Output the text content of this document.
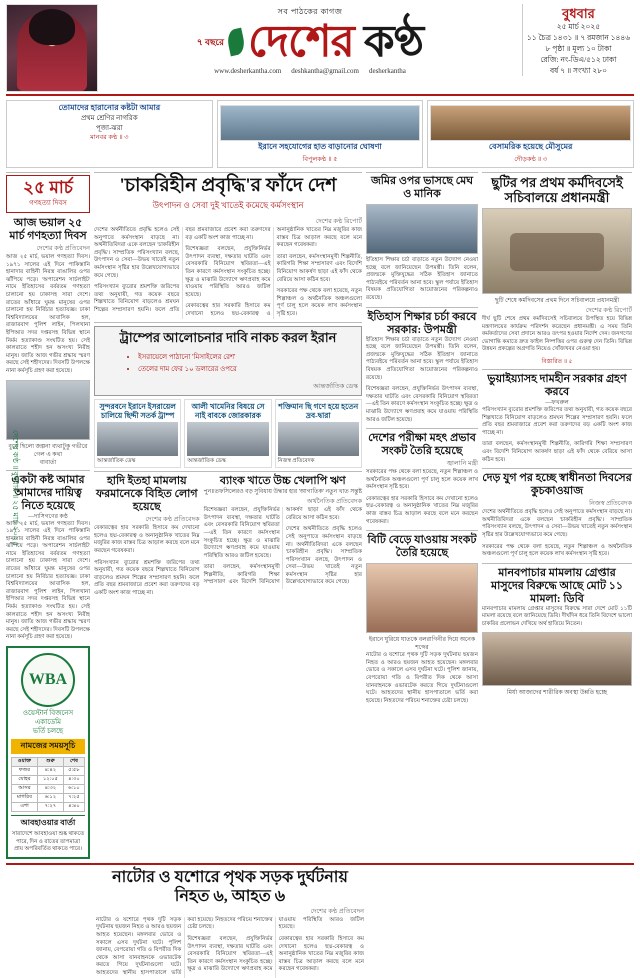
সব পাঠকের কাগজ
৭ বছরে দেশের কণ্ঠ
www.desherkantha.com deshkantha@gmail.com desherkantha
বুধবার
২৫ মার্চ ২০২৫
১১ চৈত্র ১৪৩১ ॥ ৭ রমজান ১৪৪৬
৮ পৃষ্ঠা ॥ মূল্য ১০ টাকা
রেজি: নং-ডিএ/৫১২ ঢাকা
বর্ষ ৭ ॥ সংখ্যা ২৮০
তোমাদের হারানোর কষ্টটা আমার
প্রথম শ্রেণির নাগরিক
পূজা-ঝরা
মানবর কণ্ঠ ॥ ৩
ইরানে সহযোগের হাত বাড়ানোর ঘোষণা
বিপুলকণ্ঠ ॥ ৫
বেসামরিক হয়েছে মৌসুমের
দৌড়কণ্ঠ ॥ ৩
২৫ মার্চ
গণহত্যা দিবস
আজ ভয়াল ২৫ মার্চ গণহত্যা দিবস
দেশের কণ্ঠ প্রতিবেদন

আজ ২৫ মার্চ, ভয়াল গণহত্যা দিবস। ১৯৭১ সালের এই দিনে পাকিস্তানি হানাদার বাহিনী নিরস্ত্র বাঙালির ওপর ঝাঁপিয়ে পড়ে। 'অপারেশন সার্চলাইট' নামে ইতিহাসের বর্বরতম গণহত্যা চালানো হয় ঢাকাসহ সারা দেশে। রাতের আঁধারে ঘুমন্ত মানুষের ওপর চালানো হয় নির্বিচার হত্যাযজ্ঞ। ঢাকা বিশ্ববিদ্যালয়ের আবাসিক হল, রাজারবাগ পুলিশ লাইন, পিলখানা ইপিআর সদর দপ্তরসহ বিভিন্ন স্থানে নির্মম হত্যাকাণ্ড সংঘটিত হয়। সেই কালরাতে শহীদ হন অসংখ্য নিরীহ মানুষ। জাতি আজ গভীর শ্রদ্ধায় স্মরণ করছে সেই শহীদদের। দিবসটি উপলক্ষে নানা কর্মসূচি গ্রহণ করা হয়েছে।

বুকে ছিলো জল্পনা ব্যথাটুকু গভীরে গেল এ কথা
বাবার্তা
একটা কষ্ট আমার আমাদের দায়িত্ব নিতে হয়েছে
—দাসিগণের কণ্ঠ

আজ ২৫ মার্চ, ভয়াল গণহত্যা দিবস। ১৯৭১ সালের এই দিনে পাকিস্তানি হানাদার বাহিনী নিরস্ত্র বাঙালির ওপর ঝাঁপিয়ে পড়ে। 'অপারেশন সার্চলাইট' নামে ইতিহাসের বর্বরতম গণহত্যা চালানো হয় ঢাকাসহ সারা দেশে। রাতের আঁধারে ঘুমন্ত মানুষের ওপর চালানো হয় নির্বিচার হত্যাযজ্ঞ। ঢাকা বিশ্ববিদ্যালয়ের আবাসিক হল, রাজারবাগ পুলিশ লাইন, পিলখানা ইপিআর সদর দপ্তরসহ বিভিন্ন স্থানে নির্মম হত্যাকাণ্ড সংঘটিত হয়। সেই কালরাতে শহীদ হন অসংখ্য নিরীহ মানুষ। জাতি আজ গভীর শ্রদ্ধায় স্মরণ করছে সেই শহীদদের। দিবসটি উপলক্ষে নানা কর্মসূচি গ্রহণ করা হয়েছে।

WBA
ওয়েস্টার্ন বিজনেস একাডেমি
ভর্তি চলছে
নামজের সময়সূচি
ওয়াক্ত	শুরু	শেষ
ফজর	৪:৪২	৫:৫৮
যোহর	১২:০৫	৪:৩০
আসর	৪:৩২	৬:১০
মাগরিব	৬:১২	৭:২৫
এশা	৭:২৭	৪:৪০
আবহাওয়ার বার্তা
সারাদেশে আবহাওয়া শুষ্ক থাকতে পারে, দিন ও রাতের তাপমাত্রা প্রায় অপরিবর্তিত থাকতে পারে।
'চাকরিহীন প্রবৃদ্ধি'র ফাঁদে দেশ
উৎপাদন ও সেবা দুই খাতেই কমেছে কর্মসংস্থান
দেশের কণ্ঠ রিপোর্ট

দেশের অর্থনীতিতে প্রবৃদ্ধি হলেও সেই অনুপাতে কর্মসংস্থান বাড়ছে না। অর্থনীতিবিদরা একে বলছেন 'চাকরিহীন প্রবৃদ্ধি'। সাম্প্রতিক পরিসংখ্যান বলছে, উৎপাদন ও সেবা—উভয় খাতেই নতুন কর্মসংস্থান সৃষ্টির হার উল্লেখযোগ্যভাবে কমে গেছে।

পরিসংখ্যান ব্যুরোর শ্রমশক্তি জরিপের তথ্য অনুযায়ী, গত কয়েক বছরে শিল্পখাতে বিনিয়োগ বাড়লেও শ্রমঘন শিল্পের সম্প্রসারণ হয়নি। ফলে প্রতি বছর শ্রমবাজারে প্রবেশ করা তরুণদের বড় একটি অংশ কাজ পাচ্ছে না।

বিশেষজ্ঞরা বলছেন, প্রযুক্তিনির্ভর উৎপাদন ব্যবস্থা, দক্ষতার ঘাটতি এবং বেসরকারি বিনিয়োগ স্থবিরতা—এই তিন কারণে কর্মসংস্থান সংকুচিত হচ্ছে। ক্ষুদ্র ও মাঝারি উদ্যোগে ঋণপ্রবাহ কমে যাওয়ায় পরিস্থিতি আরও জটিল হয়েছে।

বেকারত্বের হার সরকারি হিসাবে কম দেখানো হলেও ছদ্ম-বেকারত্ব ও অনানুষ্ঠানিক খাতের নিম্ন মজুরির কাজ বাস্তব চিত্র আড়াল করছে বলে মনে করছেন গবেষকরা।

তারা বলছেন, কর্মসংস্থানমুখী শিল্পনীতি, কারিগরি শিক্ষা সম্প্রসারণ এবং বিদেশি বিনিয়োগ আকর্ষণ ছাড়া এই ফাঁদ থেকে বেরিয়ে আসা কঠিন হবে।

সরকারের পক্ষ থেকে বলা হয়েছে, নতুন শিল্পাঞ্চল ও অর্থনৈতিক অঞ্চলগুলো পূর্ণ চালু হলে কয়েক লাখ কর্মসংস্থান সৃষ্টি হবে।

ট্রাম্পের আলোচনার দাবি নাকচ করল ইরান
• ইসরায়েলে পাঠানো 'মিসাইলের রেশ'
• তেলের দাম ফের ১০ ডলারের ওপরে
আন্তর্জাতিক ডেস্ক
সুন্দরবনে ইরানে ইসরায়েল চালিয়ে ছিদ্দী সতর্ক ট্রাম্প
আন্তর্জাতিক ডেস্ক
আলী খামেনির বিষয়ে সে নাই বাবকে জোরকারক
আন্তর্জাতিক ডেস্ক
শক্তিমান ছি গণে হয়ে হতেন দ্রব-দ্বারা
নিজস্ব প্রতিবেদক
হাদি ইতহা মামলায় ফরমানেকে বিহিত লোগ হয়েছে
দেশের কণ্ঠ প্রতিবেদক

বেকারত্বের হার সরকারি হিসাবে কম দেখানো হলেও ছদ্ম-বেকারত্ব ও অনানুষ্ঠানিক খাতের নিম্ন মজুরির কাজ বাস্তব চিত্র আড়াল করছে বলে মনে করছেন গবেষকরা।

পরিসংখ্যান ব্যুরোর শ্রমশক্তি জরিপের তথ্য অনুযায়ী, গত কয়েক বছরে শিল্পখাতে বিনিয়োগ বাড়লেও শ্রমঘন শিল্পের সম্প্রসারণ হয়নি। ফলে প্রতি বছর শ্রমবাজারে প্রবেশ করা তরুণদের বড় একটি অংশ কাজ পাচ্ছে না।

ব্যাংক খাতে উচ্চ খেলাপি ঋণ
পুনঃতফসিলেরও বড় সুবিধায় উদ্ধার হার 'আগাতিক' নতুন খাত সন্তুষ্ট
অর্থনৈতিক প্রতিবেদক

বিশেষজ্ঞরা বলছেন, প্রযুক্তিনির্ভর উৎপাদন ব্যবস্থা, দক্ষতার ঘাটতি এবং বেসরকারি বিনিয়োগ স্থবিরতা—এই তিন কারণে কর্মসংস্থান সংকুচিত হচ্ছে। ক্ষুদ্র ও মাঝারি উদ্যোগে ঋণপ্রবাহ কমে যাওয়ায় পরিস্থিতি আরও জটিল হয়েছে।

তারা বলছেন, কর্মসংস্থানমুখী শিল্পনীতি, কারিগরি শিক্ষা সম্প্রসারণ এবং বিদেশি বিনিয়োগ আকর্ষণ ছাড়া এই ফাঁদ থেকে বেরিয়ে আসা কঠিন হবে।

দেশের অর্থনীতিতে প্রবৃদ্ধি হলেও সেই অনুপাতে কর্মসংস্থান বাড়ছে না। অর্থনীতিবিদরা একে বলছেন 'চাকরিহীন প্রবৃদ্ধি'। সাম্প্রতিক পরিসংখ্যান বলছে, উৎপাদন ও সেবা—উভয় খাতেই নতুন কর্মসংস্থান সৃষ্টির হার উল্লেখযোগ্যভাবে কমে গেছে।

জমির ওপর ভাসছে মেঘ ও মানিক

ইতিহাস শিক্ষার চর্চা বাড়াতে নতুন উদ্যোগ নেওয়া হচ্ছে বলে জানিয়েছেন উপমন্ত্রী। তিনি বলেন, প্রজন্মকে মুক্তিযুদ্ধের সঠিক ইতিহাস জানাতে পাঠ্যবইয়ে পরিবর্তন আনা হবে। স্কুল পর্যায়ে ইতিহাস বিষয়ক প্রতিযোগিতা আয়োজনের পরিকল্পনাও রয়েছে।

ইতিহাস শিক্ষার চর্চা করবে সরকার: উপমন্ত্রী

ইতিহাস শিক্ষার চর্চা বাড়াতে নতুন উদ্যোগ নেওয়া হচ্ছে বলে জানিয়েছেন উপমন্ত্রী। তিনি বলেন, প্রজন্মকে মুক্তিযুদ্ধের সঠিক ইতিহাস জানাতে পাঠ্যবইয়ে পরিবর্তন আনা হবে। স্কুল পর্যায়ে ইতিহাস বিষয়ক প্রতিযোগিতা আয়োজনের পরিকল্পনাও রয়েছে।

বিশেষজ্ঞরা বলছেন, প্রযুক্তিনির্ভর উৎপাদন ব্যবস্থা, দক্ষতার ঘাটতি এবং বেসরকারি বিনিয়োগ স্থবিরতা—এই তিন কারণে কর্মসংস্থান সংকুচিত হচ্ছে। ক্ষুদ্র ও মাঝারি উদ্যোগে ঋণপ্রবাহ কমে যাওয়ায় পরিস্থিতি আরও জটিল হয়েছে।

দেশের পরীক্ষা মহৎ প্রভাব সংকট তৈরি হয়েছে
জ্বালানি মন্ত্রী

সরকারের পক্ষ থেকে বলা হয়েছে, নতুন শিল্পাঞ্চল ও অর্থনৈতিক অঞ্চলগুলো পূর্ণ চালু হলে কয়েক লাখ কর্মসংস্থান সৃষ্টি হবে।

বেকারত্বের হার সরকারি হিসাবে কম দেখানো হলেও ছদ্ম-বেকারত্ব ও অনানুষ্ঠানিক খাতের নিম্ন মজুরির কাজ বাস্তব চিত্র আড়াল করছে বলে মনে করছেন গবেষকরা।

বিটি বেড়ে যাওয়ায় সংকট তৈরি হয়েছে
ইরানে ঘুরিয়ে ঘাতকে বলরাগিনীর দিয়ে অনেক শব্দের

নাটোর ও যশোরে পৃথক দুটি সড়ক দুর্ঘটনায় ছয়জন নিহত ও আরও ছয়জন আহত হয়েছেন। মঙ্গলবার ভোরে ও সকালে এসব দুর্ঘটনা ঘটে। পুলিশ জানায়, বেপরোয়া গতি ও বিপরীত দিক থেকে আসা যানবাহনকে ওভারটেক করতে গিয়ে দুর্ঘটনাগুলো ঘটে। আহতদের স্থানীয় হাসপাতালে ভর্তি করা হয়েছে। নিহতদের পরিচয় শনাক্তের চেষ্টা চলছে।

ছুটির পর প্রথম কর্মদিবসেই সচিবালয়ে প্রধানমন্ত্রী
ছুটি শেষে কর্মদিবসের প্রথম দিনে সচিবালয়ে প্রধানমন্ত্রী
দেশের কণ্ঠ রিপোর্ট

দীর্ঘ ছুটি শেষে প্রথম কর্মদিবসেই সচিবালয়ে উপস্থিত হয়ে বিভিন্ন মন্ত্রণালয়ের কার্যক্রম পরিদর্শন করেছেন প্রধানমন্ত্রী। এ সময় তিনি কর্মকর্তাদের সেবা প্রদানে আরও তৎপর হওয়ার নির্দেশ দেন। জনগণের ভোগান্তি কমাতে দ্রুত ফাইল নিষ্পত্তির ওপর গুরুত্ব দেন তিনি। বিভিন্ন উন্নয়ন প্রকল্পের অগ্রগতি নিয়েও খোঁজখবর নেওয়া হয়।

বিস্তারিত ॥ ৫
ভুয়াইয়্যাসহ দামহীন সরকার গ্রহণ করবে
—ফখরুল

পরিসংখ্যান ব্যুরোর শ্রমশক্তি জরিপের তথ্য অনুযায়ী, গত কয়েক বছরে শিল্পখাতে বিনিয়োগ বাড়লেও শ্রমঘন শিল্পের সম্প্রসারণ হয়নি। ফলে প্রতি বছর শ্রমবাজারে প্রবেশ করা তরুণদের বড় একটি অংশ কাজ পাচ্ছে না।

তারা বলছেন, কর্মসংস্থানমুখী শিল্পনীতি, কারিগরি শিক্ষা সম্প্রসারণ এবং বিদেশি বিনিয়োগ আকর্ষণ ছাড়া এই ফাঁদ থেকে বেরিয়ে আসা কঠিন হবে।

দেড় যুগ পর হচ্ছে স্বাধীনতা দিবসের কুচকাওয়াজ
নিজস্ব প্রতিবেদক

দেশের অর্থনীতিতে প্রবৃদ্ধি হলেও সেই অনুপাতে কর্মসংস্থান বাড়ছে না। অর্থনীতিবিদরা একে বলছেন 'চাকরিহীন প্রবৃদ্ধি'। সাম্প্রতিক পরিসংখ্যান বলছে, উৎপাদন ও সেবা—উভয় খাতেই নতুন কর্মসংস্থান সৃষ্টির হার উল্লেখযোগ্যভাবে কমে গেছে।

সরকারের পক্ষ থেকে বলা হয়েছে, নতুন শিল্পাঞ্চল ও অর্থনৈতিক অঞ্চলগুলো পূর্ণ চালু হলে কয়েক লাখ কর্মসংস্থান সৃষ্টি হবে।

মানবপাচার মামলায় গ্রেপ্তার মাসুদের বিরুদ্ধে আছে মোট ১১ মামলা: ডিবি

মানবপাচার মামলায় গ্রেপ্তার মাসুদের বিরুদ্ধে সারা দেশে মোট ১১টি মামলা রয়েছে বলে জানিয়েছে ডিবি। দীর্ঘদিন ধরে তিনি বিদেশে ভালো চাকরির প্রলোভন দেখিয়ে অর্থ হাতিয়ে নিতেন।

মির্যা আজাদের শারীরিক অবস্থা উন্নতি হচ্ছে
নাটোর ও যশোরে পৃথক সড়ক দুর্ঘটনায় নিহত ৬, আহত ৬
দেশের কণ্ঠ প্রতিবেদন

নাটোর ও যশোরে পৃথক দুটি সড়ক দুর্ঘটনায় ছয়জন নিহত ও আরও ছয়জন আহত হয়েছেন। মঙ্গলবার ভোরে ও সকালে এসব দুর্ঘটনা ঘটে। পুলিশ জানায়, বেপরোয়া গতি ও বিপরীত দিক থেকে আসা যানবাহনকে ওভারটেক করতে গিয়ে দুর্ঘটনাগুলো ঘটে। আহতদের স্থানীয় হাসপাতালে ভর্তি করা হয়েছে। নিহতদের পরিচয় শনাক্তের চেষ্টা চলছে।

বিশেষজ্ঞরা বলছেন, প্রযুক্তিনির্ভর উৎপাদন ব্যবস্থা, দক্ষতার ঘাটতি এবং বেসরকারি বিনিয়োগ স্থবিরতা—এই তিন কারণে কর্মসংস্থান সংকুচিত হচ্ছে। ক্ষুদ্র ও মাঝারি উদ্যোগে ঋণপ্রবাহ কমে যাওয়ায় পরিস্থিতি আরও জটিল হয়েছে।

বেকারত্বের হার সরকারি হিসাবে কম দেখানো হলেও ছদ্ম-বেকারত্ব ও অনানুষ্ঠানিক খাতের নিম্ন মজুরির কাজ বাস্তব চিত্র আড়াল করছে বলে মনে করছেন গবেষকরা।

দেশের কণ্ঠ ॥ বুধবার ॥ ২৫ মার্চ ২০২৫
